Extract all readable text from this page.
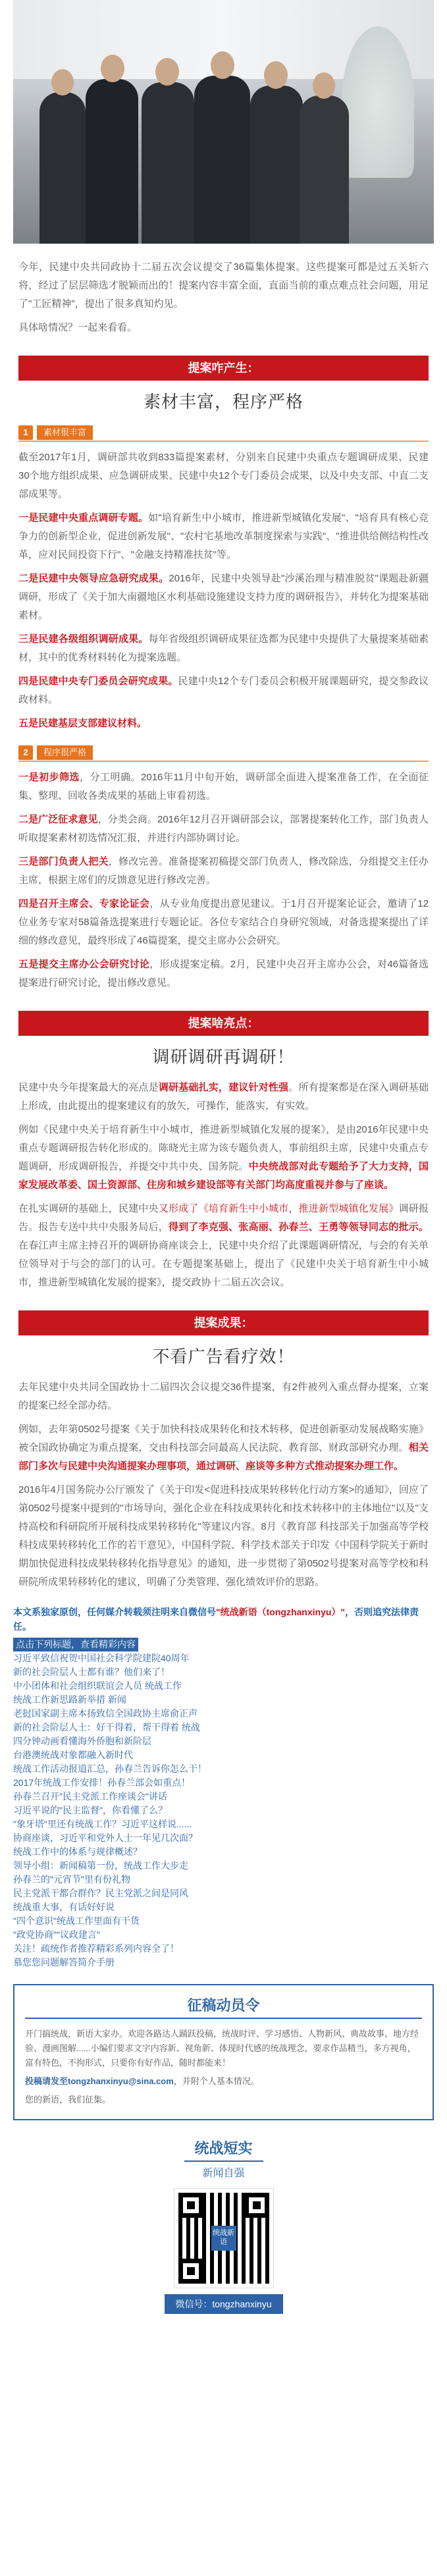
今年，民建中央共同政协十二届五次会议提交了36篇集体提案。这些提案可都是过五关斩六将，经过了层层筛选才脱颖而出的！提案内容丰富全面，直面当前的重点难点社会问题，用足了"工匠精神"，提出了很多真知灼见。

具体啥情况？一起来看看。

提案咋产生：
素材丰富，程序严格
1	素材很丰富

截至2017年1月，调研部共收到833篇提案素材，分别来自民建中央重点专题调研成果、民建30个地方组织成果、应急调研成果、民建中央12个专门委员会成果，以及中央支部、中直二支部成果等。

一是民建中央重点调研专题。如"培育新生中小城市，推进新型城镇化发展"、"培育具有核心竞争力的创新型企业，促进创新发展"、"农村宅基地改革制度探索与实践"、"推进供给侧结构性改革，应对民间投资下行"、"金融支持精准扶贫"等。

二是民建中央领导应急研究成果。2016年，民建中央领导赴"沙溪治理与精准脱贫"课题赴新疆调研，形成了《关于加大南疆地区水利基础设施建设支持力度的调研报告》，并转化为提案基础素材。

三是民建各级组织调研成果。每年省级组织调研成果征选都为民建中央提供了大量提案基础素材，其中的优秀材料转化为提案选题。

四是民建中央专门委员会研究成果。民建中央12个专门委员会积极开展课题研究，提交参政议政材料。

五是民建基层支部建议材料。

2	程序很严格

一是初步筛选，分工明确。2016年11月中旬开始，调研部全面进入提案准备工作，在全面征集、整理、回收各类成果的基础上审看初选。

二是广泛征求意见，分类会商。2016年12月召开调研部会议，部署提案转化工作，部门负责人听取提案素材初选情况汇报，并进行内部协调讨论。

三是部门负责人把关，修改完善。准备提案初稿提交部门负责人，修改除选，分组提交主任办主席，根据主席们的反馈意见进行修改完善。

四是召开主席会、专家论证会，从专业角度提出意见建议。于1月召开提案论证会，邀请了12位业务专家对58篇备选提案进行专题论证。各位专家结合自身研究领域，对备选提案提出了详细的修改意见，最终形成了46篇提案，提交主席办公会研究。

五是提交主席办公会研究讨论，形成提案定稿。2月，民建中央召开主席办公会，对46篇备选提案进行研究讨论，提出修改意见。

提案啥亮点：
调研调研再调研！

民建中央今年提案最大的亮点是调研基础扎实，建议针对性强。所有提案都是在深入调研基础上形成，由此提出的提案建议有的放矢，可操作，能落实，有实效。

例如《民建中央关于培育新生中小城市，推进新型城镇化发展的提案》，是由2016年民建中央重点专题调研报告转化形成的。陈晓光主席为该专题负责人，事前组织主席，民建中央重点专题调研，形成调研报告，并提交中共中央、国务院。中央统战部对此专题给予了大力支持，国家发展改革委、国土资源部、住房和城乡建设部等有关部门均高度重视并参与了座谈。

在扎实调研的基础上，民建中央又形成了《培育新生中小城市，推进新型城镇化发展》调研报告。报告专送中共中央服务局后，得到了李克强、张高丽、孙春兰、王勇等领导同志的批示。在春江声主席主持召开的调研协商座谈会上，民建中央介绍了此课题调研情况，与会的有关单位领导对于与会的部门的认可。在专题提案基础上，提出了《民建中央关于培育新生中小城市，推进新型城镇化发展的提案》，提交政协十二届五次会议。

提案成果：
不看广告看疗效！

去年民建中央共同全国政协十二届四次会议提交36件提案，有2件被列入重点督办提案，立案的提案已经全部办结。

例如，去年第0502号提案《关于加快科技成果转化和技术转移，促进创新驱动发展战略实施》被全国政协确定为重点提案，交由科技部会同最高人民法院、教育部、财政部研究办理。相关部门多次与民建中央沟通提案办理事项，通过调研、座谈等多种方式推动提案办理工作。

2016年4月国务院办公厅颁发了《关于印发<促进科技成果转移转化行动方案>的通知》，回应了第0502号提案中提到的"市场导向，强化企业在科技成果转化和技术转移中的主体地位"以及"支持高校和科研院所开展科技成果转移转化"等建议内容。8月《教育部 科技部关于加强高等学校科技成果转移转化工作的若干意见》，中国科学院、科学技术部关于印发《中国科学院关于新时期加快促进科技成果转移转化指导意见》的通知，进一步贯彻了第0502号提案对高等学校和科研院所成果转移转化的建议，明确了分类管理、强化绩效评价的思路。

本文系独家原创，任何媒介转载须注明来自微信号"统战新语（tongzhanxinyu）"，否则追究法律责任。

点击下列标题，查看精彩内容
习近平致信祝贺中国社会科学院建院40周年
新的社会阶层人士都有谁？他们来了！
中小团体和社会组织联谊会人员 统战工作
统战工作新思路新举措 新闻
老挝国家副主席本扬致信全国政协主席俞正声
新的社会阶层人士：好干得着，帮干得着 统战
四分钟动画看懂海外侨胞和新阶层
台港澳统战对象都融入新时代
统战工作活动报道汇总，孙春兰告诉你怎么干！
2017年统战工作安排！孙春兰部会如重点！
孙春兰召开"民主党派工作座谈会"讲话
习近平说的"民主监督"，你看懂了么？
"象牙塔"里还有统战工作？习近平这样说......
协商座谈，习近平和党外人士一年见几次面？
统战工作中的体系与规律概述？
领导小组：新闻稿第一份，统战工作大步走
孙春兰的"元宵节"里有份礼物
民主党派干都合群作？民主党派之间是同风
统战重大事，有话好好说
"四个意识"统战工作里面有干货
"政党协商""议政建言"
关注！疏统作者推荐精彩系列内容全了！
慕您您问题解答简介手册
征稿动员令

开门搞统战，新语大家办。欢迎各路达人踊跃投稿，统战时评、学习感悟、人物新风、典故故事、地方经验、漫画图解......小编们要求文字内容新、视角新、体现时代感的统战理念，要求作品精当，多方视角，富有特色，不拘形式，只要你有好作品，随时都能来！

投稿请发至tongzhanxinyu@sina.com，并附个人基本情况。

您的新语，我们征集。

统战短实
新闻自强
统战新语
微信号：tongzhanxinyu
